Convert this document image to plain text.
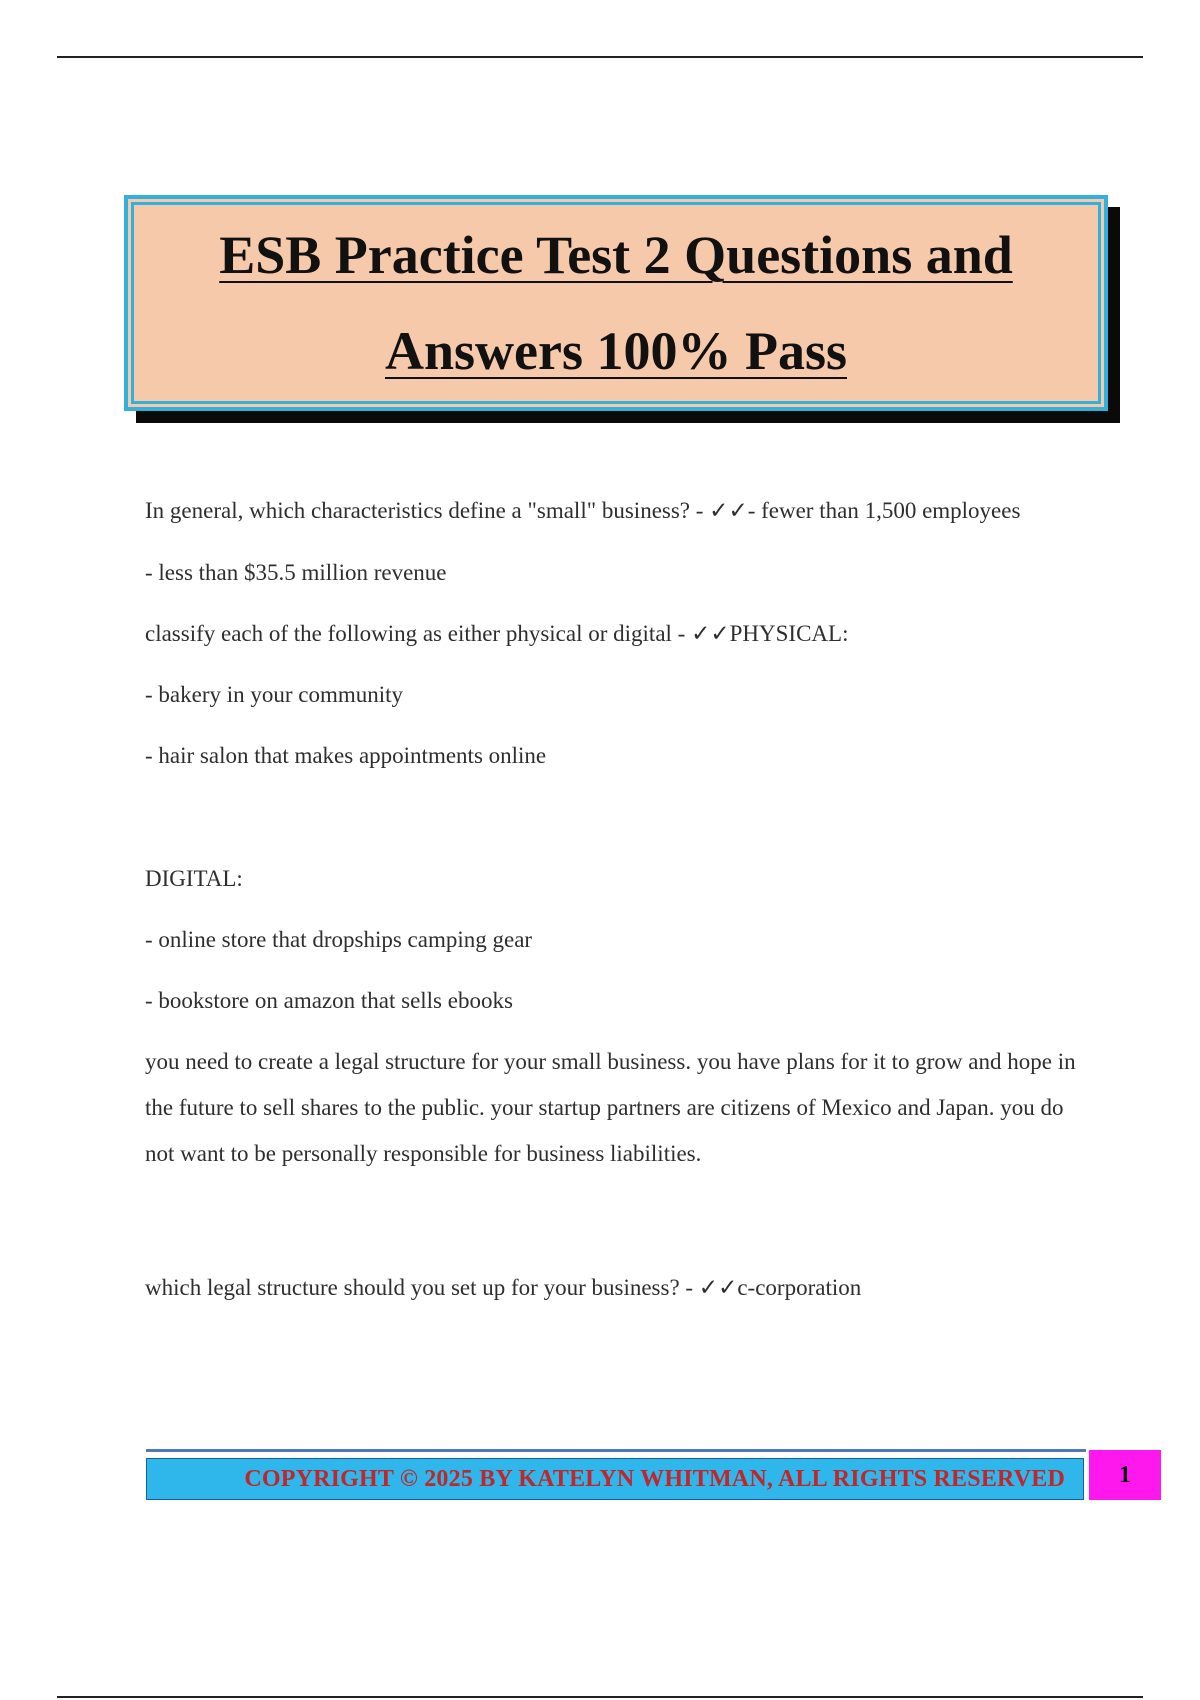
ESB Practice Test 2 Questions and
Answers 100% Pass

In general, which characteristics define a "small" business? - ✓✓- fewer than 1,500 employees

- less than $35.5 million revenue

classify each of the following as either physical or digital - ✓✓PHYSICAL:

- bakery in your community

- hair salon that makes appointments online

DIGITAL:

- online store that dropships camping gear

- bookstore on amazon that sells ebooks

you need to create a legal structure for your small business. you have plans for it to grow and hope in the future to sell shares to the public. your startup partners are citizens of Mexico and Japan. you do not want to be personally responsible for business liabilities.

which legal structure should you set up for your business? - ✓✓c-corporation

COPYRIGHT © 2025 BY KATELYN WHITMAN, ALL RIGHTS RESERVED	1
